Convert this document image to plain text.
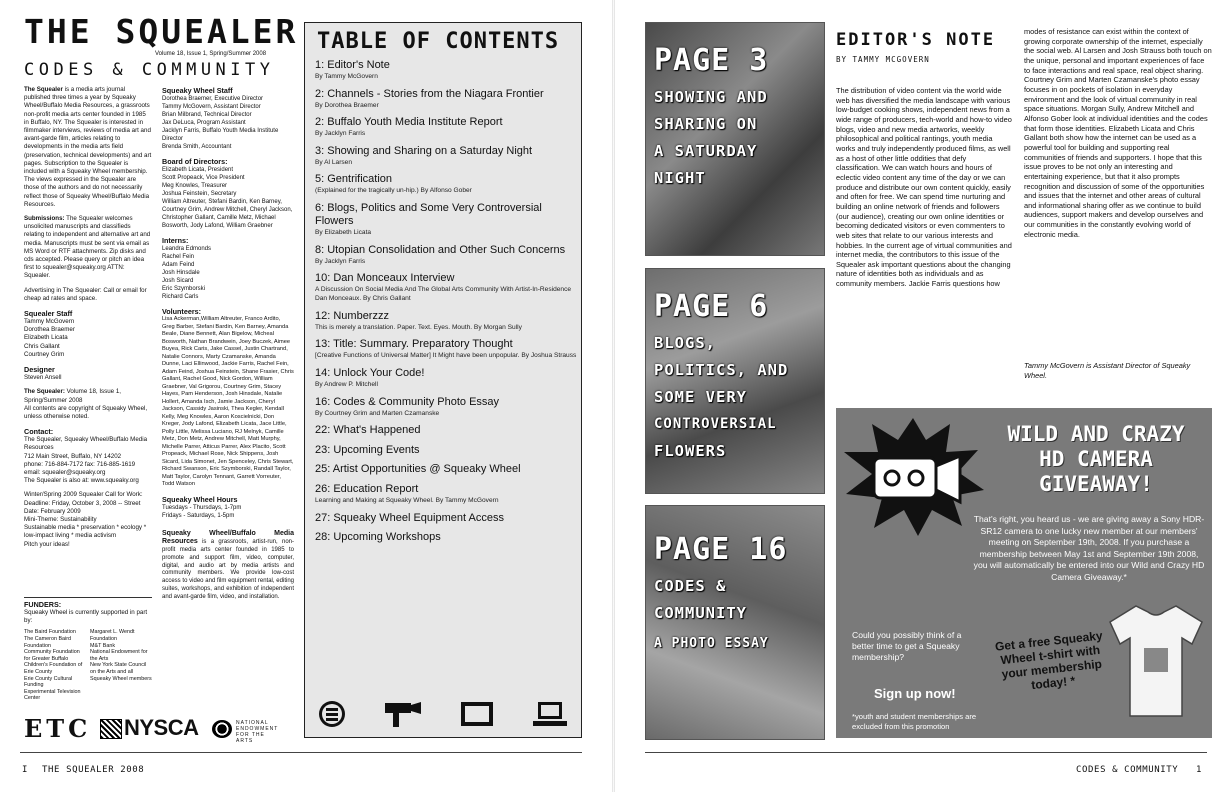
THE SQUEALER
CODES & COMMUNITY
Volume 18, Issue 1, Spring/Summer 2008
The Squealer is a media arts journal published three times a year by Squeaky Wheel/Buffalo Media Resources, a grassroots non-profit media arts center founded in 1985 in Buffalo, NY. The Squealer is interested in filmmaker interviews, reviews of media art and avant-garde film, articles relating to developments in the media arts field (preservation, technical developments) and art pages. Subscription to the Squealer is included with a Squeaky Wheel membership. The views expressed in the Squealer are those of the authors and do not necessarily reflect those of Squeaky Wheel/Buffalo Media Resources.
Submissions: The Squealer welcomes unsolicited manuscripts and classifieds relating to independent and alternative art and media. Manuscripts must be sent via email as MS Word or RTF attachments. Zip disks and cds accepted. Please query or pitch an idea first to squealer@squeaky.org ATTN: Squealer.
Advertising in The Squealer: Call or email for cheap ad rates and space.
Squealer Staff
Tammy McGovern
Dorothea Braemer
Elizabeth Licata
Chris Gallant
Courtney Grim
Designer
Steven Ansell
The Squealer: Volume 18, Issue 1, Spring/Summer 2008
All contents are copyright of Squeaky Wheel, unless otherwise noted.
Contact:
The Squealer, Squeaky Wheel/Buffalo Media Resources
712 Main Street, Buffalo, NY 14202
phone: 716-884-7172 fax: 716-885-1619
email: squealer@squeaky.org
The Squealer is also at: www.squeaky.org
Winter/Spring 2009 Squealer Call for Work:
Deadline: Friday, October 3, 2008 -- Street Date: February 2009
Mini-Theme: Sustainability
Sustainable media * preservation * ecology * low-impact living * media activism
Pitch your ideas!
FUNDERS:
Squeaky Wheel is currently supported in part by:
The Baird Foundation
The Cameron Baird Foundation
Community Foundation for Greater Buffalo
Children's Foundation of Erie County
Erie County Cultural Funding
Experimental Television Center
Margaret L. Wendt Foundation
M&T Bank
National Endowment for the Arts
New York State Council on the Arts and all Squeaky Wheel members
ETC NYSCA	NATIONAL ENDOWMENT FOR THE ARTS
Squeaky Wheel Staff
Dorothea Braemer, Executive Director
Tammy McGovern, Assistant Director
Brian Milbrand, Technical Director
Jax DeLuca, Program Assistant
Jacklyn Farris, Buffalo Youth Media Institute Director
Brenda Smith, Accountant
Board of Directors:
Elizabeth Licata, President
Scott Propeack, Vice President
Meg Knowles, Treasurer
Joshua Feinstein, Secretary
William Altreuter, Stefani Bardin, Ken Barney, Courtney Grim, Andrew Mitchell, Cheryl Jackson, Christopher Gallant, Camille Metz, Michael Bosworth, Jody Lafond, William Graebner
Interns:
Leandra Edmonds
Rachel Fein
Adam Feind
Josh Hinsdale
Josh Sicard
Eric Szymborski
Richard Carls
Volunteers:
Lisa Ackerman,William Altreuter, Franco Ardito, Greg Barber, Stefani Bardin, Ken Barney, Amanda Beale, Diane Bennett, Alan Bigelow, Micheal Bosworth, Nathan Brandwein, Joey Buczek, Aimee Buyea, Rick Caris, Jake Cassel, Justin Chartrand, Natalie Connors, Marty Czamanske, Amanda Dunne, Laci Ellinwood, Jackie Farris, Rachel Fein, Adam Feind, Joshua Feinstein, Shane Frasier, Chris Gallant, Rachel Good, Nick Gordon, William Graebner, Val Grigorou, Courtney Grim, Stacey Hayes, Pam Henderson, Josh Hinsdale, Natalie Hollert, Amanda Isch, Jamie Jackson, Cheryl Jackson, Cassidy Jasinski, Thea Kegler, Kendall Kelly, Meg Knowles, Aaron Koscielnicki, Don Kreger, Jody Lafond, Elizabeth Licata, Jace Little, Polly Little, Melissa Luciano, RJ Melnyk, Camille Metz, Don Metz, Andrew Mitchell, Matt Murphy, Michelle Parrer, Atticus Parrer, Alex Placito, Scott Propeack, Michael Rose, Nick Shippens, Josh Sicard, Lida Simonet, Jen Spenceley, Chris Stewart, Richard Swanson, Eric Szymborski, Randall Taylor, Matt Taylor, Carolyn Tennant, Garrett Vorreuter, Todd Watson
Squeaky Wheel Hours
Tuesdays - Thursdays, 1-7pm
Fridays - Saturdays, 1-5pm
Squeaky Wheel/Buffalo Media Resources is a grassroots, artist-run, non-profit media arts center founded in 1985 to promote and support film, video, computer, digital, and audio art by media artists and community members. We provide low-cost access to video and film equipment rental, editing suites, workshops, and exhibition of independent and avant-garde film, video, and installation.
TABLE OF CONTENTS
1: Editor's Note
By Tammy McGovern
2: Channels - Stories from the Niagara Frontier
By Dorothea Braemer
2: Buffalo Youth Media Institute Report
By Jacklyn Farris
3: Showing and Sharing on a Saturday Night
By Al Larsen
5: Gentrification
(Explained for the tragically un-hip.) By Alfonso Gober
6: Blogs, Politics and Some Very Controversial Flowers
By Elizabeth Licata
8: Utopian Consolidation and Other Such Concerns
By Jacklyn Farris
10: Dan Monceaux Interview
A Discussion On Social Media And The Global Arts Community With Artist-In-Residence Dan Monceaux. By Chris Gallant
12: Numberzzz
This is merely a translation. Paper. Text. Eyes. Mouth. By Morgan Sully
13: Title: Summary. Preparatory Thought
[Creative Functions of Universal Matter] It Might have been unpopular. By Joshua Strauss
14: Unlock Your Code!
By Andrew P. Mitchell
16: Codes & Community Photo Essay
By Courtney Grim and Marten Czamanske
22: What's Happened
23: Upcoming Events
25: Artist Opportunities @ Squeaky Wheel
26: Education Report
Learning and Making at Squeaky Wheel. By Tammy McGovern
27: Squeaky Wheel Equipment Access
28: Upcoming Workshops
I THE SQUEALER 2008
PAGE 3
SHOWING AND
SHARING ON
A SATURDAY
NIGHT
PAGE 6
BLOGS,
POLITICS, AND
SOME VERY
CONTROVERSIAL
FLOWERS
PAGE 16
CODES &
COMMUNITY
A PHOTO ESSAY
EDITOR'S NOTE
BY TAMMY MCGOVERN
The distribution of video content via the world wide web has diversified the media landscape with various low-budget cooking shows, independent news from a wide range of producers, tech-world and how-to video blogs, video and new media artworks, weekly philosophical and political rantings, youth media works and truly independently produced films, as well as a host of other little oddities that defy classification. We can watch hours and hours of eclectic video content any time of the day or we can produce and distribute our own content quickly, easily and often for free. We can spend time nurturing and building an online network of friends and followers (our audience), creating our own online identities or becoming dedicated visitors or even commenters to web sites that relate to our various interests and hobbies. In the current age of virtual communities and internet media, the contributors to this issue of the Squealer ask important questions about the changing nature of identities both as individuals and as community members. Jackie Farris questions how
modes of resistance can exist within the context of growing corporate ownership of the internet, especially the social web. Al Larsen and Josh Strauss both touch on the unique, personal and important experiences of face to face interactions and real space, real object sharing. Courtney Grim and Marten Czamanske's photo essay focuses in on pockets of isolation in everyday environment and the look of virtual community in real space situations. Morgan Sully, Andrew Mitchell and Alfonso Gober look at individual identities and the codes that form those identities. Elizabeth Licata and Chris Gallant both show how the internet can be used as a powerful tool for building and supporting real communities of friends and supporters. I hope that this issue proves to be not only an interesting and entertaining experience, but that it also prompts recognition and discussion of some of the opportunities and issues that the internet and other areas of cultural and informational sharing offer as we continue to build audiences, support makers and develop ourselves and our communities in the constantly evolving world of electronic media.
Tammy McGovern is Assistant Director of Squeaky Wheel.
WILD AND CRAZY
HD CAMERA
GIVEAWAY!
That's right, you heard us - we are giving away a Sony HDR-SR12 camera to one lucky new member at our members' meeting on September 19th, 2008. If you purchase a membership between May 1st and September 19th 2008, you will automatically be entered into our Wild and Crazy HD Camera Giveaway.*
Could you possibly think of a better time to get a Squeaky membership?
Sign up now!
*youth and student memberships are excluded from this promotion
Get a free Squeaky Wheel t-shirt with your membership today! *
CODES & COMMUNITY 1
